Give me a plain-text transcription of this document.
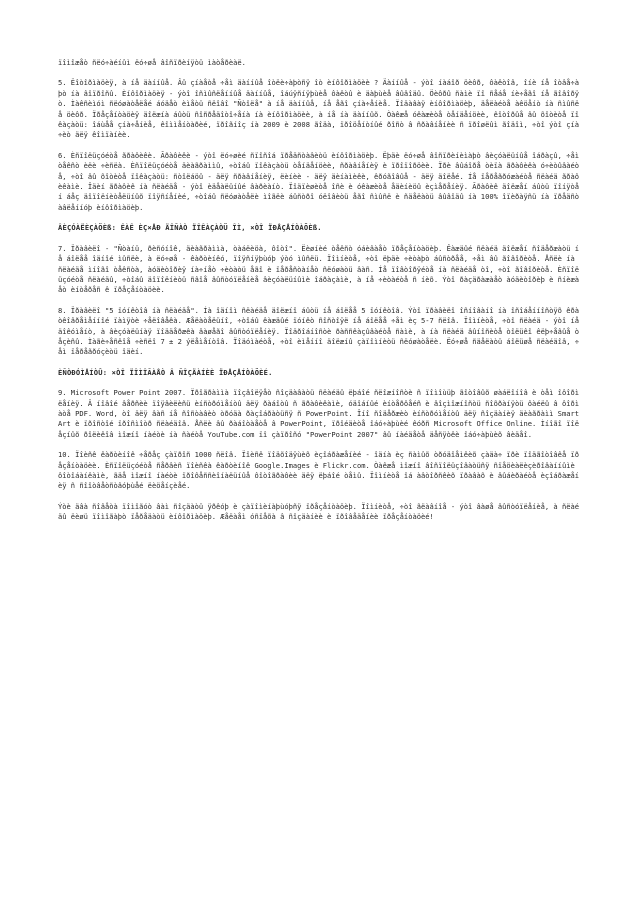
ïîìîæåò ñëó÷àéíûì ëó÷øå âîñïðèíÿòü ìàòåðèàë.

5. Ëîòîðìàöèÿ, à íå äàííûå. Âû çíàåòå ÷åì äàííûå îòëè÷àþòñÿ îò èíôîðìàöèè ? Äàííûå - ýòî íàáîð öèôð, ôàêòîâ, îíè íå îòâå÷àþò íà âîïðîñû. Èíôîðìàöèÿ - ýòî îñìûñëåííûå äàííûå, îáúÿñíÿþùèå ôàêòû è äàþùèå âûâîäû. Öèôðû ñàìè ïî ñåáå íè÷åãî íå ãîâîðÿò. Ìàêñèìóì ñëóøàòåëåé áóäåò èìåòü ñëîâî "Ñòîëå" à íå äàííûå, íå åãî çíà÷åíèå. Ïîäàâàÿ èíôîðìàöèþ, äåëàéòå àêöåíò íà ñìûñëå öèôð. Ïðåçåíòàöèÿ äîëæíà áûòü ñîñðåäîòî÷åíà íà èíôîðìàöèè, à íå íà äàííûõ. Òàêæå óêàæèòå òåíäåíöèè, êîòîðûå âû õîòèòå ïîêàçàòü: îáùåå çíà÷åíèå, êîììåíòàðèé, ïðîãíîç íà 2009 è 2008 ãîäà, ïðîöåíòíûé ðîñò â ñðàâíåíèè ñ ïðîøëûì ãîäîì, ÷òî ýòî çíà÷èò äëÿ êîìïàíèè.

6. Èñïîëüçóéòå ãðàôèêè. Ãðàôèêè - ýòî ëó÷øèé ñïîñîá ïðåäñòàâèòü èíôîðìàöèþ. Ëþäè ëó÷øå âîñïðèíèìàþò âèçóàëüíûå îáðàçû, ÷åì òåêñò èëè ÷èñëà. Èñïîëüçóéòå äèàãðàììû, ÷òîáû ïîêàçàòü òåíäåíöèè, ñðàâíåíèÿ è ïðîïîðöèè. Ïðè âûáîðå òèïà ãðàôèêà ó÷èòûâàéòå, ÷òî âû õîòèòå ïîêàçàòü: ñòîëáöû - äëÿ ñðàâíåíèÿ, ëèíèè - äëÿ äèíàìèêè, êðóãîâûå - äëÿ äîëåé. Íå ïåðåãðóæàéòå ñëàéä ãðàôèêàìè. Îäèí ãðàôèê íà ñëàéäå - ýòî èäåàëüíûé âàðèàíò. Ïîäïèøèòå îñè è óêàæèòå åäèíèöû èçìåðåíèÿ. Ãðàôèê äîëæåí áûòü ïîíÿòåí áåç äîïîëíèòåëüíûõ ïîÿñíåíèé, ÷òîáû ñëóøàòåëè ìîãëè áûñòðî óëîâèòü åãî ñìûñë è ñäåëàòü âûâîäû íà 100% îïèðàÿñü íà ïðåäñòàâëåííóþ èíôîðìàöèþ.

ÂÈÇÓÀËÈÇÀÖÈß: ÊÀÊ ÈÇ×ÅÐ ÄÎÑÀÒ ÏÎÊÀÇÀÒÜ ÎÌ, ×ÒÎ ÏÐÅÇÅÍÒÀÖÈß.

7. Ïðàâèëî - "Ñòàíü, ðèñóíîê, äèàãðàììà, òàáëèöà, ôîòî". Ëèøíèé òåêñò óáèâàåò ïðåçåíòàöèþ. Êàæäûé ñëàéä äîëæåí ñîäåðæàòü íå áîëåå îäíîé ìûñëè, à ëó÷øå - êàðòèíêó, ïîÿñíÿþùóþ ýòó ìûñëü. Ïîìíèòå, ÷òî ëþäè ÷èòàþò áûñòðåå, ÷åì âû ãîâîðèòå. Åñëè íà ñëàéäå ìíîãî òåêñòà, àóäèòîðèÿ íà÷íåò ÷èòàòü åãî è ïåðåñòàíåò ñëóøàòü âàñ. Íå ïîâòîðÿéòå íà ñëàéäå òî, ÷òî ãîâîðèòå. Èñïîëüçóéòå ñëàéäû, ÷òîáû äîïîëíèòü ñâîå âûñòóïëåíèå âèçóàëüíûìè îáðàçàìè, à íå ÷èòàéòå ñ íèõ. Ýòî ðàçäðàæàåò àóäèòîðèþ è ñíèæàåò èíòåðåñ ê ïðåçåíòàöèè.

8. Ïðàâèëî "5 ïóíêòîâ íà ñëàéäå". Íà îäíîì ñëàéäå äîëæíî áûòü íå áîëåå 5 ïóíêòîâ. Ýòî ïðàâèëî îñíîâàíî íà îñîáåííîñòÿõ êðàòêîâðåìåííîé ïàìÿòè ÷åëîâåêà. Æåëàòåëüíî, ÷òîáû êàæäûé ïóíêò ñîñòîÿë íå áîëåå ÷åì èç 5-7 ñëîâ. Ïîìíèòå, ÷òî ñëàéä - ýòî íå äîêóìåíò, à âèçóàëüíàÿ ïîääåðæêà âàøåãî âûñòóïëåíèÿ. Ïîäðîáíîñòè ðàññêàçûâàéòå ñàìè, à íà ñëàéä âûíîñèòå òîëüêî êëþ÷åâûå òåçèñû. Ìàãè÷åñêîå ÷èñëî 7 ± 2 ýëåìåíòîâ. Ïîäóìàéòå, ÷òî èìåííî äîëæíû çàïîìíèòü ñëóøàòåëè. Ëó÷øå ñäåëàòü áîëüøå ñëàéäîâ, ÷åì ïåðåãðóçèòü îäèí.

ÈÑÒÐÓÌÅÍÒÛ: ×ÒÎ ÏÎÌÎÃÀÅÒ Â ÑÎÇÄÀÍÈÈ ÏÐÅÇÅÍÒÀÖÈÉ.

9. Microsoft Power Point 2007. Ïðîãðàììà ïîçâîëÿåò ñîçäàâàòü ñëàéäû ëþáîé ñëîæíîñòè ñ ïîìîùüþ ãîòîâûõ øàáëîíîâ è òåì îôîðìëåíèÿ. Â íîâîé âåðñèè ïîÿâèëèñü èíñòðóìåíòû äëÿ ðàáîòû ñ ãðàôèêàìè, óäîáíûé èíòåðôåéñ è âîçìîæíîñòü ñîõðàíÿòü ôàéëû â ôîðìàòå PDF. Word, òî äëÿ âàñ íå ñîñòàâèò òðóäà ðàçîáðàòüñÿ ñ PowerPoint. Îíî ñîäåðæèò èíñòðóìåíòû äëÿ ñîçäàíèÿ äèàãðàìì SmartArt è ïðîñòîé ïðîñìîòð ñëàéäîâ. Åñëè âû ðàáîòàåòå â PowerPoint, ïðîéäèòå îáó÷àþùèé êóðñ Microsoft Office Online. Ìíîãî ïîëåçíûõ ðîëèêîâ ìîæíî íàéòè íà ñàéòå YouTube.com ïî çàïðîñó "PowerPoint 2007" âû íàéäåòå äåñÿòêè îáó÷àþùèõ âèäåî.

10. Ïîèñê êàðòèíîê ÷åðåç çàïðîñ 1000 ñëîâ. Ïîèñê ïîäõîäÿùèõ èçîáðàæåíèé - îäíà èç ñàìûõ òðóäîåìêèõ çàäà÷ ïðè ïîäãîòîâêå ïðåçåíòàöèè. Èñïîëüçóéòå ñåðâèñ ïîèñêà êàðòèíîê Google.Images è Flickr.com. Òàêæå ìîæíî âîñïîëüçîâàòüñÿ ñïåöèàëèçèðîâàííûìè ôîòîáàíêàìè, ãäå ìîæíî íàéòè ïðîôåññèîíàëüíûå ôîòîãðàôèè äëÿ ëþáîé òåìû. Ïîìíèòå îá àâòîðñêèõ ïðàâàõ è âûáèðàéòå èçîáðàæåíèÿ ñ ñîîòâåòñòâóþùåé ëèöåíçèåé.

Ýòè äâà ñîâåòà ïîìîãóò âàì ñîçäàòü ÿðêóþ è çàïîìèíàþùóþñÿ ïðåçåíòàöèþ. Ïîìíèòå, ÷òî ãëàâíîå - ýòî âàøå âûñòóïëåíèå, à ñëàéäû ëèøü ïîìîãàþò ïåðåäàòü èíôîðìàöèþ. Æåëàåì óñïåõà â ñîçäàíèè è ïðîâåäåíèè ïðåçåíòàöèé!
